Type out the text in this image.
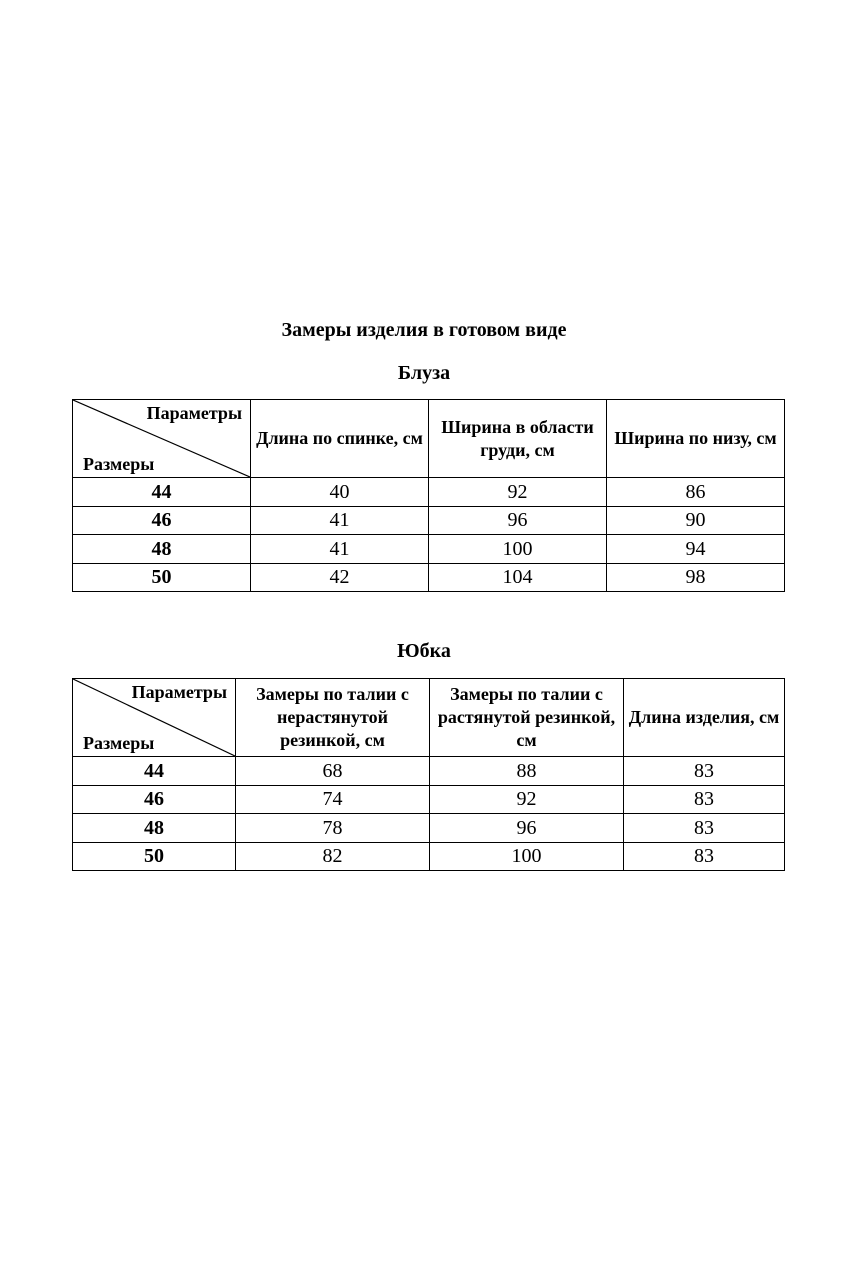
Замеры изделия в готовом виде
Блуза
Параметры
Размеры	Длина по спинке, см	Ширина в области груди, см	Ширина по низу, см
44	40	92	86
46	41	96	90
48	41	100	94
50	42	104	98
Юбка
Параметры
Размеры	Замеры по талии с нерастянутой резинкой, см	Замеры по талии с растянутой резинкой, см	Длина изделия, см
44	68	88	83
46	74	92	83
48	78	96	83
50	82	100	83
